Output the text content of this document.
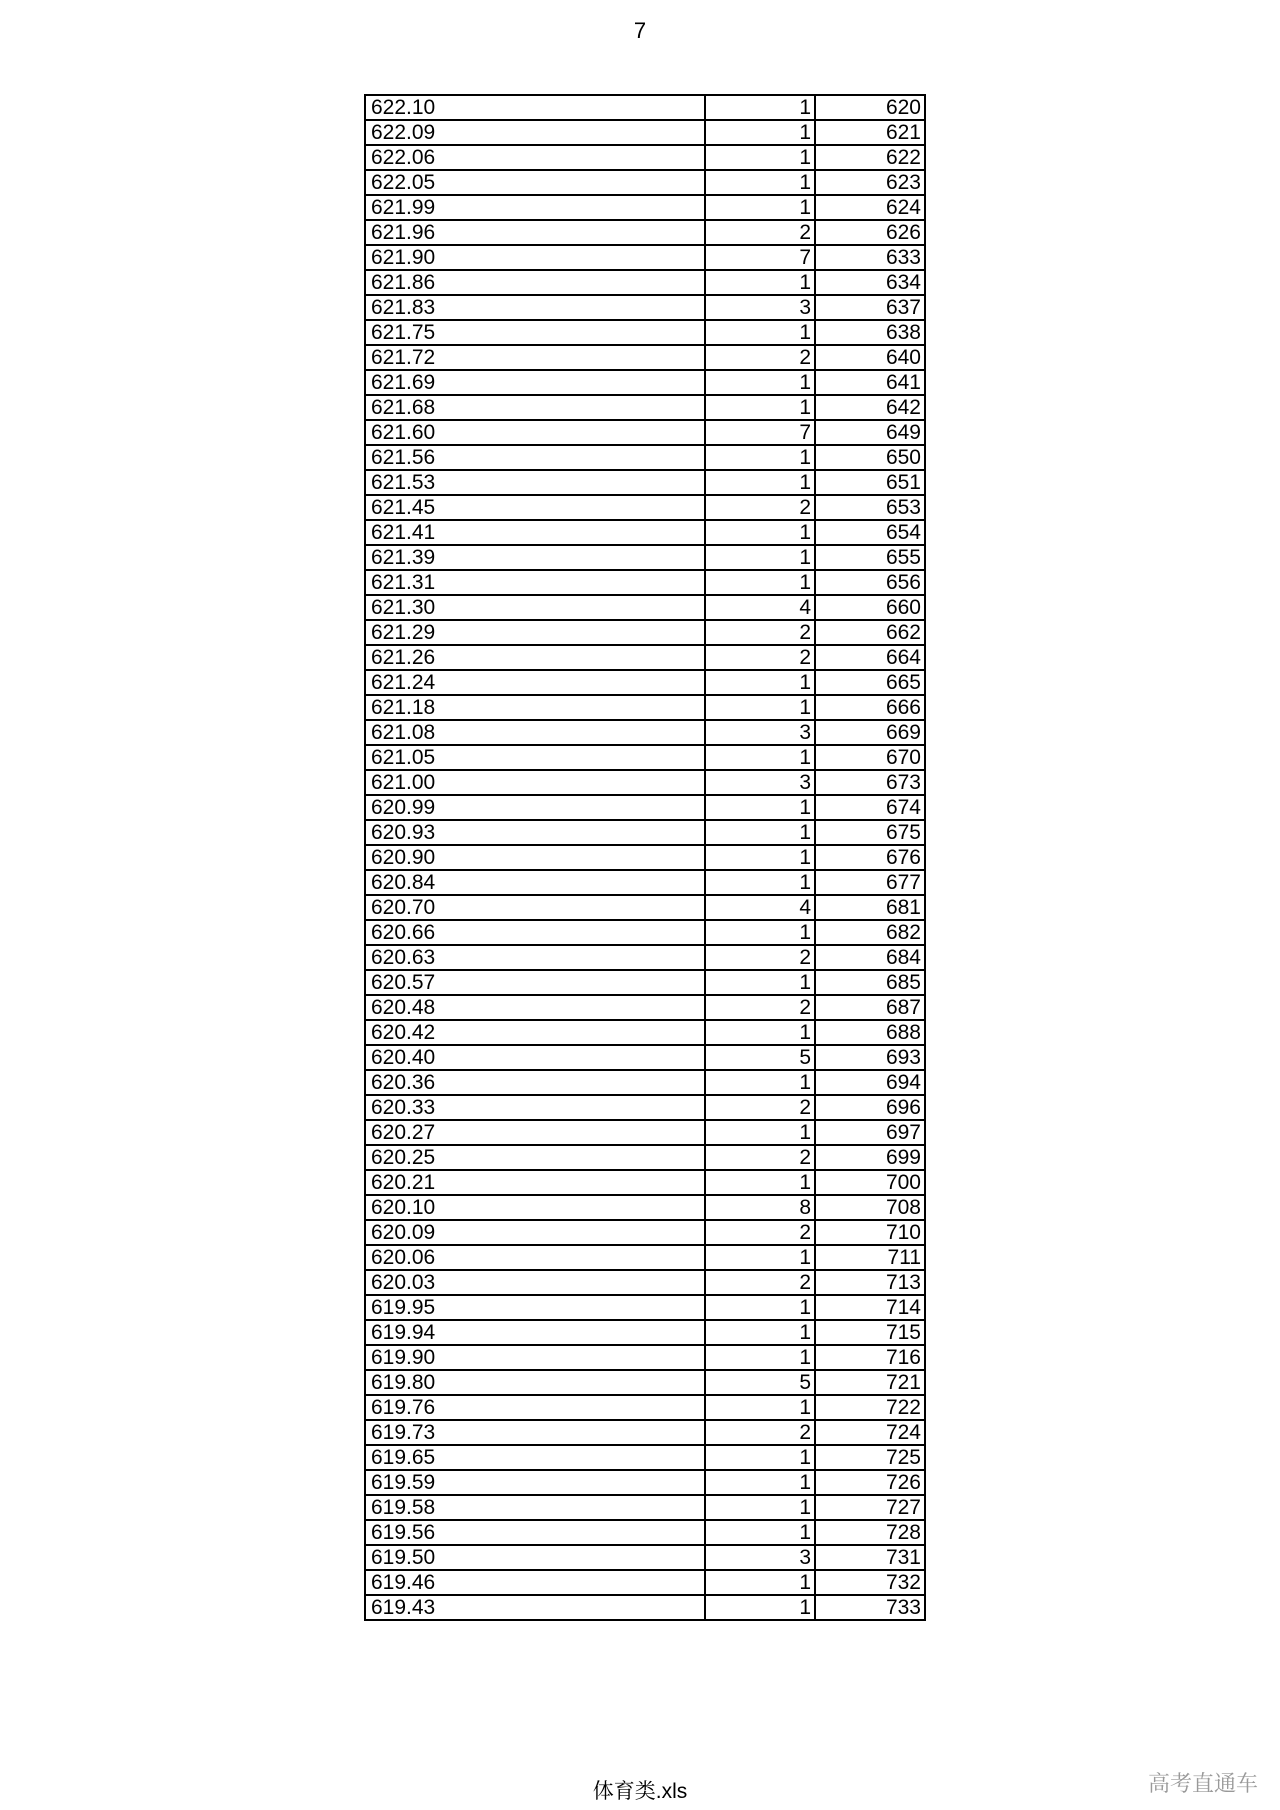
7
622.10	1	620
622.09	1	621
622.06	1	622
622.05	1	623
621.99	1	624
621.96	2	626
621.90	7	633
621.86	1	634
621.83	3	637
621.75	1	638
621.72	2	640
621.69	1	641
621.68	1	642
621.60	7	649
621.56	1	650
621.53	1	651
621.45	2	653
621.41	1	654
621.39	1	655
621.31	1	656
621.30	4	660
621.29	2	662
621.26	2	664
621.24	1	665
621.18	1	666
621.08	3	669
621.05	1	670
621.00	3	673
620.99	1	674
620.93	1	675
620.90	1	676
620.84	1	677
620.70	4	681
620.66	1	682
620.63	2	684
620.57	1	685
620.48	2	687
620.42	1	688
620.40	5	693
620.36	1	694
620.33	2	696
620.27	1	697
620.25	2	699
620.21	1	700
620.10	8	708
620.09	2	710
620.06	1	711
620.03	2	713
619.95	1	714
619.94	1	715
619.90	1	716
619.80	5	721
619.76	1	722
619.73	2	724
619.65	1	725
619.59	1	726
619.58	1	727
619.56	1	728
619.50	3	731
619.46	1	732
619.43	1	733
体育类.xls	高考直通车
